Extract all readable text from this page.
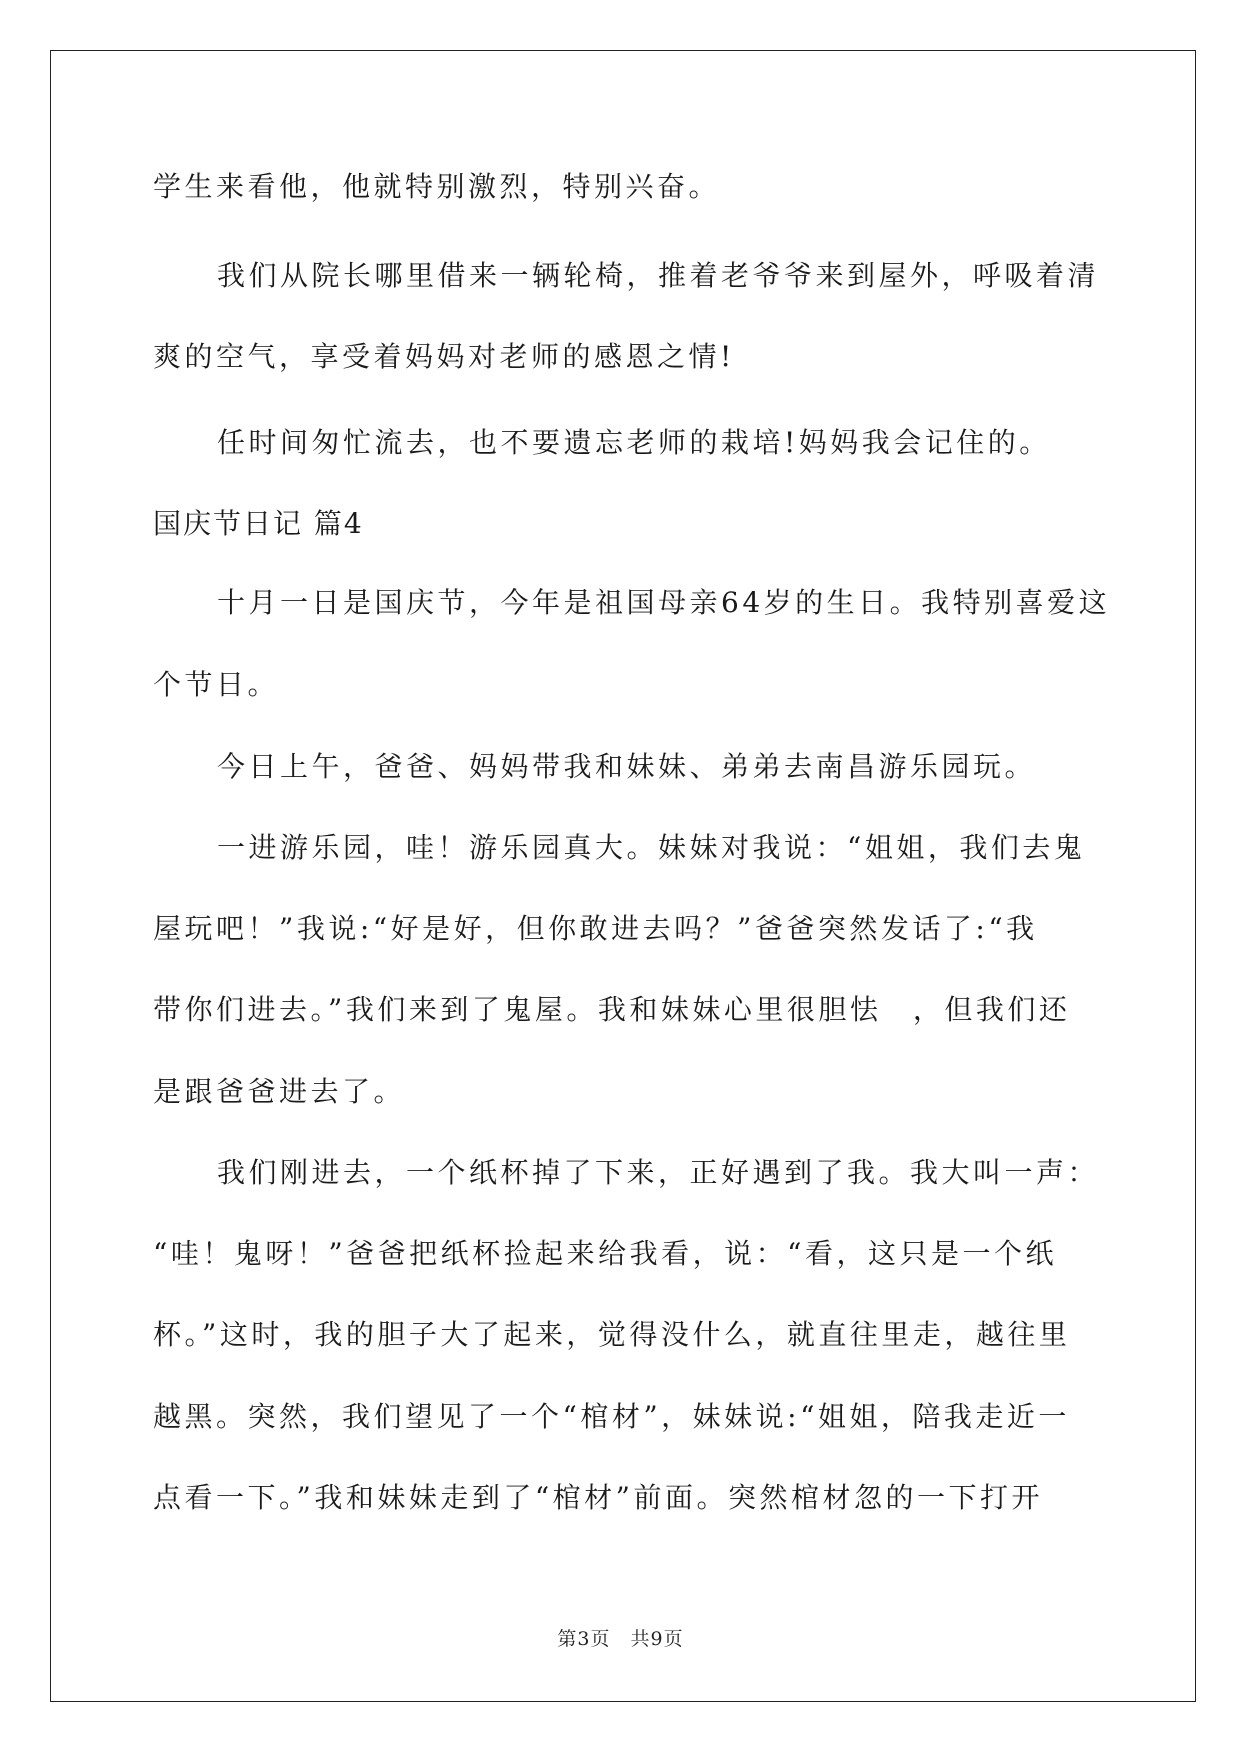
学生来看他，他就特别激烈，特别兴奋。

我们从院长哪里借来一辆轮椅，推着老爷爷来到屋外，呼吸着清

爽的空气，享受着妈妈对老师的感恩之情!

任时间匆忙流去，也不要遗忘老师的栽培!妈妈我会记住的。

国庆节日记 篇4

十月一日是国庆节，今年是祖国母亲64岁的生日。我特别喜爱这

个节日。

今日上午，爸爸、妈妈带我和妹妹、弟弟去南昌游乐园玩。

一进游乐园，哇！游乐园真大。妹妹对我说：“姐姐，我们去鬼

屋玩吧！”我说:“好是好，但你敢进去吗？”爸爸突然发话了:“我

带你们进去。”我们来到了鬼屋。我和妹妹心里很胆怯　，但我们还

是跟爸爸进去了。

我们刚进去，一个纸杯掉了下来，正好遇到了我。我大叫一声：

“哇！鬼呀！”爸爸把纸杯捡起来给我看，说：“看，这只是一个纸

杯。”这时，我的胆子大了起来，觉得没什么，就直往里走，越往里

越黑。突然，我们望见了一个“棺材”，妹妹说:“姐姐，陪我走近一

点看一下。”我和妹妹走到了“棺材”前面。突然棺材忽的一下打开

第3页　共9页
